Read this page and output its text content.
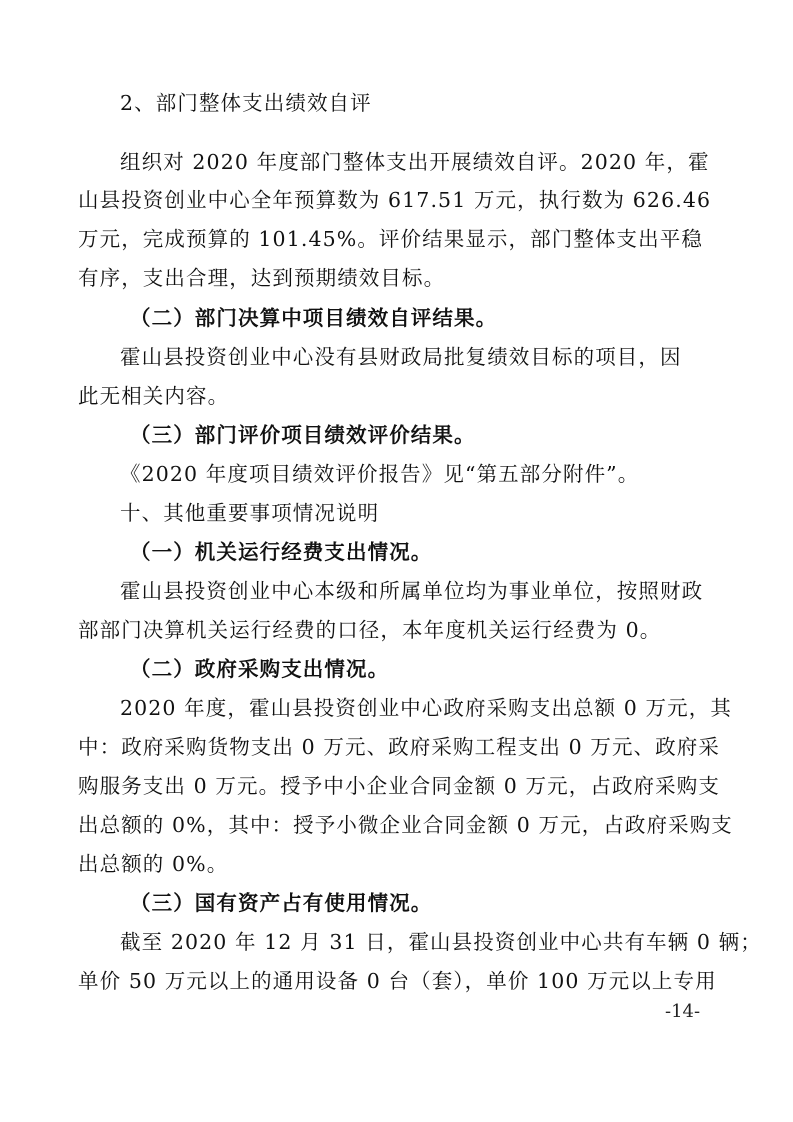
2、部门整体支出绩效自评
组织对 2020 年度部门整体支出开展绩效自评。2020 年，霍
山县投资创业中心全年预算数为 617.51 万元，执行数为 626.46
万元，完成预算的 101.45%。评价结果显示，部门整体支出平稳
有序，支出合理，达到预期绩效目标。
（二）部门决算中项目绩效自评结果。
霍山县投资创业中心没有县财政局批复绩效目标的项目，因
此无相关内容。
（三）部门评价项目绩效评价结果。
《2020 年度项目绩效评价报告》见“第五部分附件”。
十、其他重要事项情况说明
（一）机关运行经费支出情况。
霍山县投资创业中心本级和所属单位均为事业单位，按照财政
部部门决算机关运行经费的口径，本年度机关运行经费为 0。
（二）政府采购支出情况。
2020 年度，霍山县投资创业中心政府采购支出总额 0 万元，其
中：政府采购货物支出 0 万元、政府采购工程支出 0 万元、政府采
购服务支出 0 万元。授予中小企业合同金额 0 万元，占政府采购支
出总额的 0%，其中：授予小微企业合同金额 0 万元，占政府采购支
出总额的 0%。
（三）国有资产占有使用情况。
截至 2020 年 12 月 31 日，霍山县投资创业中心共有车辆 0 辆；
单价 50 万元以上的通用设备 0 台（套），单价 100 万元以上专用
-14-
